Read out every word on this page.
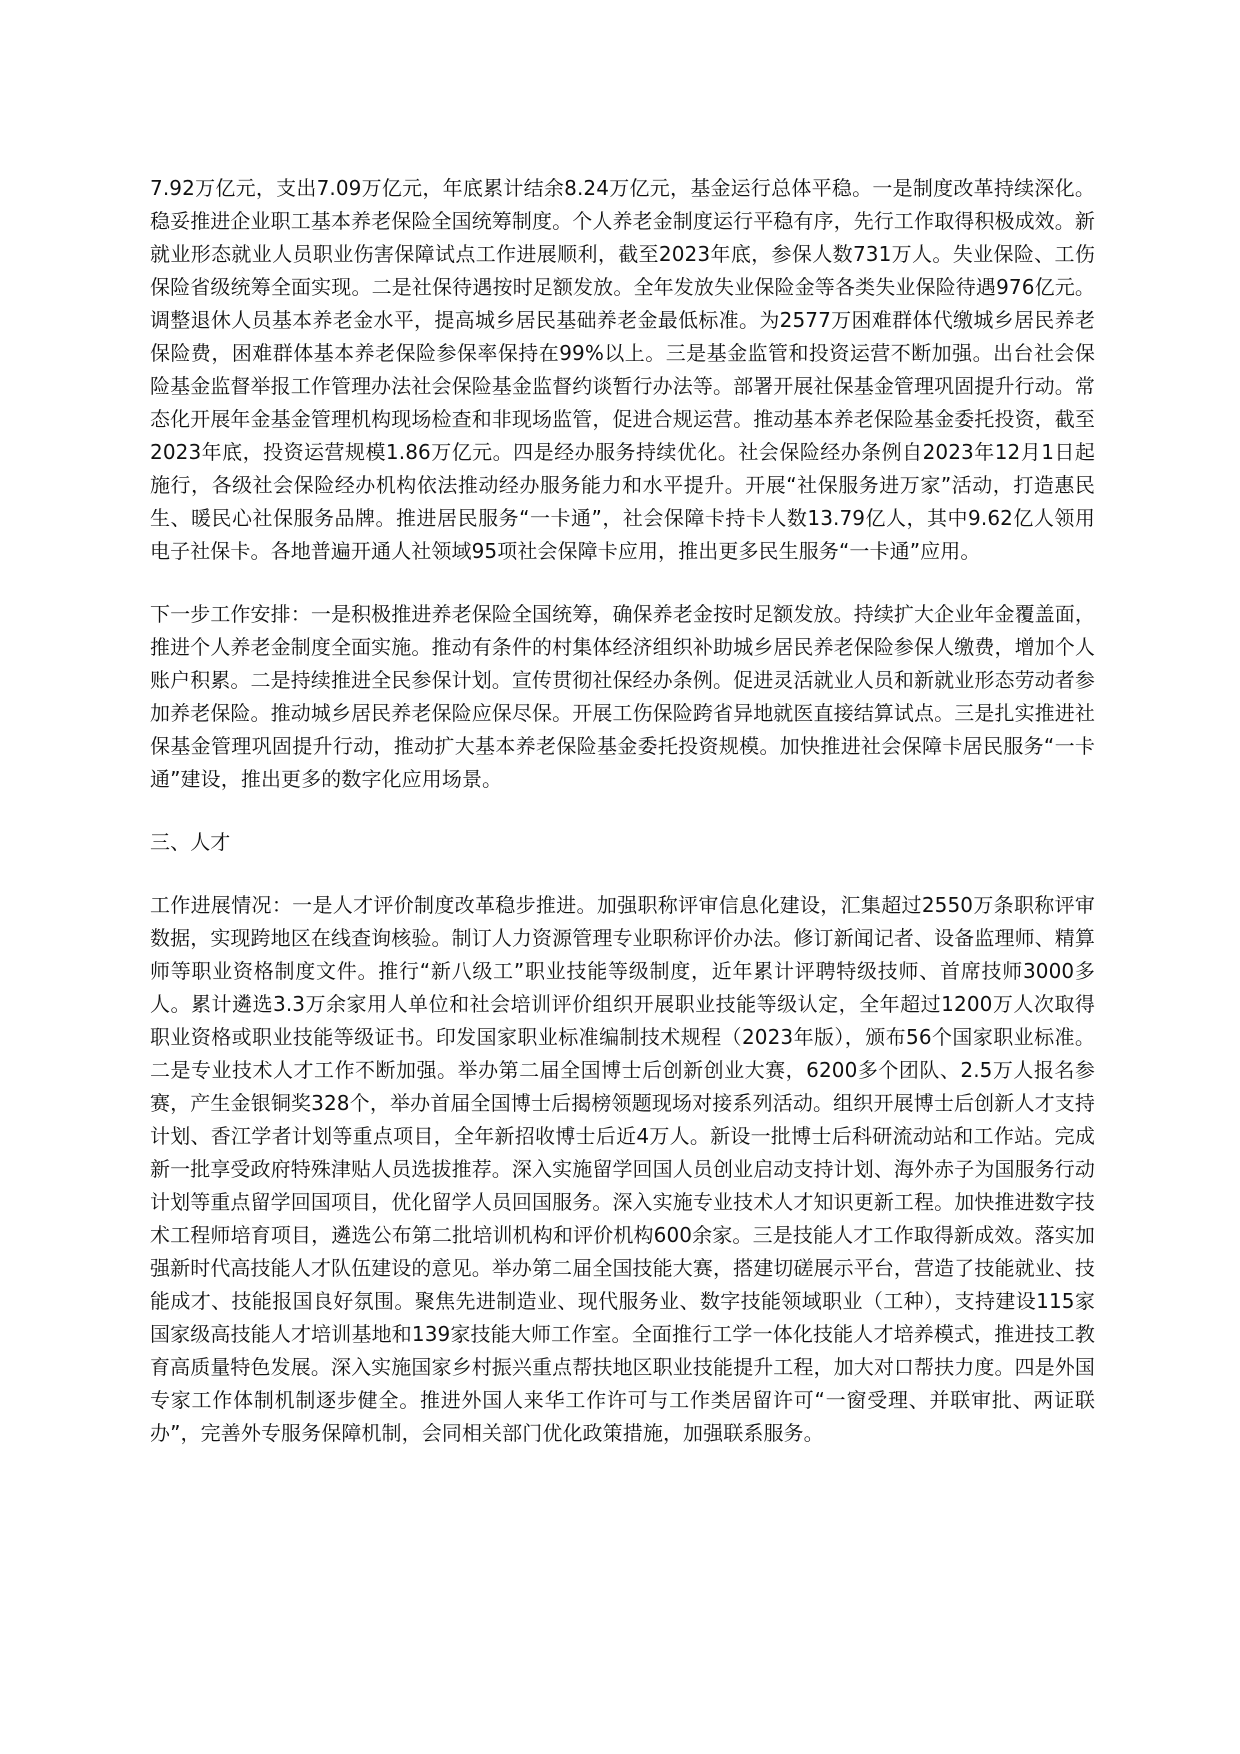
7.92万亿元，支出7.09万亿元，年底累计结余8.24万亿元，基金运行总体平稳。一是制度改革持续深化。稳妥推进企业职工基本养老保险全国统筹制度。个人养老金制度运行平稳有序，先行工作取得积极成效。新就业形态就业人员职业伤害保障试点工作进展顺利，截至2023年底，参保人数731万人。失业保险、工伤保险省级统筹全面实现。二是社保待遇按时足额发放。全年发放失业保险金等各类失业保险待遇976亿元。调整退休人员基本养老金水平，提高城乡居民基础养老金最低标准。为2577万困难群体代缴城乡居民养老保险费，困难群体基本养老保险参保率保持在99%以上。三是基金监管和投资运营不断加强。出台社会保险基金监督举报工作管理办法社会保险基金监督约谈暂行办法等。部署开展社保基金管理巩固提升行动。常态化开展年金基金管理机构现场检查和非现场监管，促进合规运营。推动基本养老保险基金委托投资，截至2023年底，投资运营规模1.86万亿元。四是经办服务持续优化。社会保险经办条例自2023年12月1日起施行，各级社会保险经办机构依法推动经办服务能力和水平提升。开展“社保服务进万家”活动，打造惠民生、暖民心社保服务品牌。推进居民服务“一卡通”，社会保障卡持卡人数13.79亿人，其中9.62亿人领用电子社保卡。各地普遍开通人社领域95项社会保障卡应用，推出更多民生服务“一卡通”应用。

下一步工作安排：一是积极推进养老保险全国统筹，确保养老金按时足额发放。持续扩大企业年金覆盖面，推进个人养老金制度全面实施。推动有条件的村集体经济组织补助城乡居民养老保险参保人缴费，增加个人账户积累。二是持续推进全民参保计划。宣传贯彻社保经办条例。促进灵活就业人员和新就业形态劳动者参加养老保险。推动城乡居民养老保险应保尽保。开展工伤保险跨省异地就医直接结算试点。三是扎实推进社保基金管理巩固提升行动，推动扩大基本养老保险基金委托投资规模。加快推进社会保障卡居民服务“一卡通”建设，推出更多的数字化应用场景。

三、人才

工作进展情况：一是人才评价制度改革稳步推进。加强职称评审信息化建设，汇集超过2550万条职称评审数据，实现跨地区在线查询核验。制订人力资源管理专业职称评价办法。修订新闻记者、设备监理师、精算师等职业资格制度文件。推行“新八级工”职业技能等级制度，近年累计评聘特级技师、首席技师3000多人。累计遴选3.3万余家用人单位和社会培训评价组织开展职业技能等级认定，全年超过1200万人次取得职业资格或职业技能等级证书。印发国家职业标准编制技术规程（2023年版），颁布56个国家职业标准。二是专业技术人才工作不断加强。举办第二届全国博士后创新创业大赛，6200多个团队、2.5万人报名参赛，产生金银铜奖328个，举办首届全国博士后揭榜领题现场对接系列活动。组织开展博士后创新人才支持计划、香江学者计划等重点项目，全年新招收博士后近4万人。新设一批博士后科研流动站和工作站。完成新一批享受政府特殊津贴人员选拔推荐。深入实施留学回国人员创业启动支持计划、海外赤子为国服务行动计划等重点留学回国项目，优化留学人员回国服务。深入实施专业技术人才知识更新工程。加快推进数字技术工程师培育项目，遴选公布第二批培训机构和评价机构600余家。三是技能人才工作取得新成效。落实加强新时代高技能人才队伍建设的意见。举办第二届全国技能大赛，搭建切磋展示平台，营造了技能就业、技能成才、技能报国良好氛围。聚焦先进制造业、现代服务业、数字技能领域职业（工种），支持建设115家国家级高技能人才培训基地和139家技能大师工作室。全面推行工学一体化技能人才培养模式，推进技工教育高质量特色发展。深入实施国家乡村振兴重点帮扶地区职业技能提升工程，加大对口帮扶力度。四是外国专家工作体制机制逐步健全。推进外国人来华工作许可与工作类居留许可“一窗受理、并联审批、两证联办”，完善外专服务保障机制，会同相关部门优化政策措施，加强联系服务。
